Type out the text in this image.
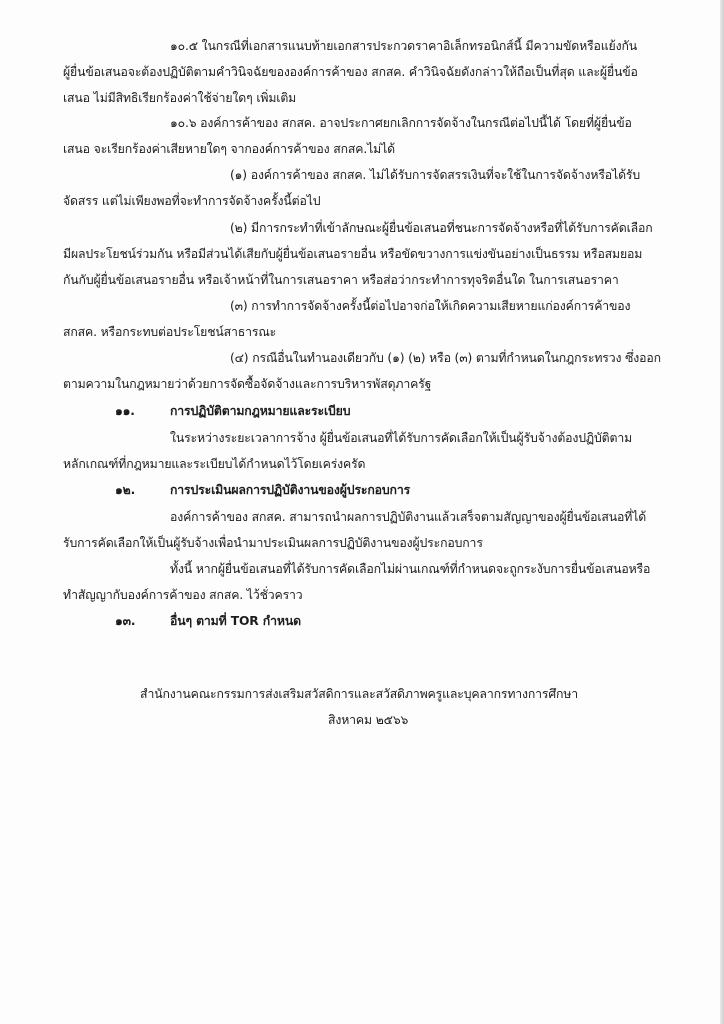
๑๐.๕ ในกรณีที่เอกสารแนบท้ายเอกสารประกวดราคาอิเล็กทรอนิกส์นี้ มีความขัดหรือแย้งกัน
ผู้ยื่นข้อเสนอจะต้องปฏิบัติตามคำวินิจฉัยขององค์การค้าของ สกสค. คำวินิจฉัยดังกล่าวให้ถือเป็นที่สุด และผู้ยื่นข้อ
เสนอ ไม่มีสิทธิเรียกร้องค่าใช้จ่ายใดๆ เพิ่มเติม
๑๐.๖ องค์การค้าของ สกสค. อาจประกาศยกเลิกการจัดจ้างในกรณีต่อไปนี้ได้ โดยที่ผู้ยื่นข้อ
เสนอ จะเรียกร้องค่าเสียหายใดๆ จากองค์การค้าของ สกสค.ไม่ได้
(๑) องค์การค้าของ สกสค. ไม่ได้รับการจัดสรรเงินที่จะใช้ในการจัดจ้างหรือได้รับ
จัดสรร แต่ไม่เพียงพอที่จะทำการจัดจ้างครั้งนี้ต่อไป
(๒) มีการกระทำที่เข้าลักษณะผู้ยื่นข้อเสนอที่ชนะการจัดจ้างหรือที่ได้รับการคัดเลือก
มีผลประโยชน์ร่วมกัน หรือมีส่วนได้เสียกับผู้ยื่นข้อเสนอรายอื่น หรือขัดขวางการแข่งขันอย่างเป็นธรรม หรือสมยอม
กันกับผู้ยื่นข้อเสนอรายอื่น หรือเจ้าหน้าที่ในการเสนอราคา หรือส่อว่ากระทำการทุจริตอื่นใด ในการเสนอราคา
(๓) การทำการจัดจ้างครั้งนี้ต่อไปอาจก่อให้เกิดความเสียหายแก่องค์การค้าของ
สกสค. หรือกระทบต่อประโยชน์สาธารณะ
(๔) กรณีอื่นในทำนองเดียวกับ (๑) (๒) หรือ (๓) ตามที่กำหนดในกฎกระทรวง ซึ่งออก
ตามความในกฎหมายว่าด้วยการจัดซื้อจัดจ้างและการบริหารพัสดุภาครัฐ
๑๑.	การปฏิบัติตามกฎหมายและระเบียบ
ในระหว่างระยะเวลาการจ้าง ผู้ยื่นข้อเสนอที่ได้รับการคัดเลือกให้เป็นผู้รับจ้างต้องปฏิบัติตาม
หลักเกณฑ์ที่กฎหมายและระเบียบได้กำหนดไว้โดยเคร่งครัด
๑๒.	การประเมินผลการปฏิบัติงานของผู้ประกอบการ
องค์การค้าของ สกสค. สามารถนำผลการปฏิบัติงานแล้วเสร็จตามสัญญาของผู้ยื่นข้อเสนอที่ได้
รับการคัดเลือกให้เป็นผู้รับจ้างเพื่อนำมาประเมินผลการปฏิบัติงานของผู้ประกอบการ
ทั้งนี้ หากผู้ยื่นข้อเสนอที่ได้รับการคัดเลือกไม่ผ่านเกณฑ์ที่กำหนดจะถูกระงับการยื่นข้อเสนอหรือ
ทำสัญญากับองค์การค้าของ สกสค. ไว้ชั่วคราว
๑๓.	อื่นๆ ตามที่ TOR กำหนด
สำนักงานคณะกรรมการส่งเสริมสวัสดิการและสวัสดิภาพครูและบุคลากรทางการศึกษา
สิงหาคม ๒๕๖๖
